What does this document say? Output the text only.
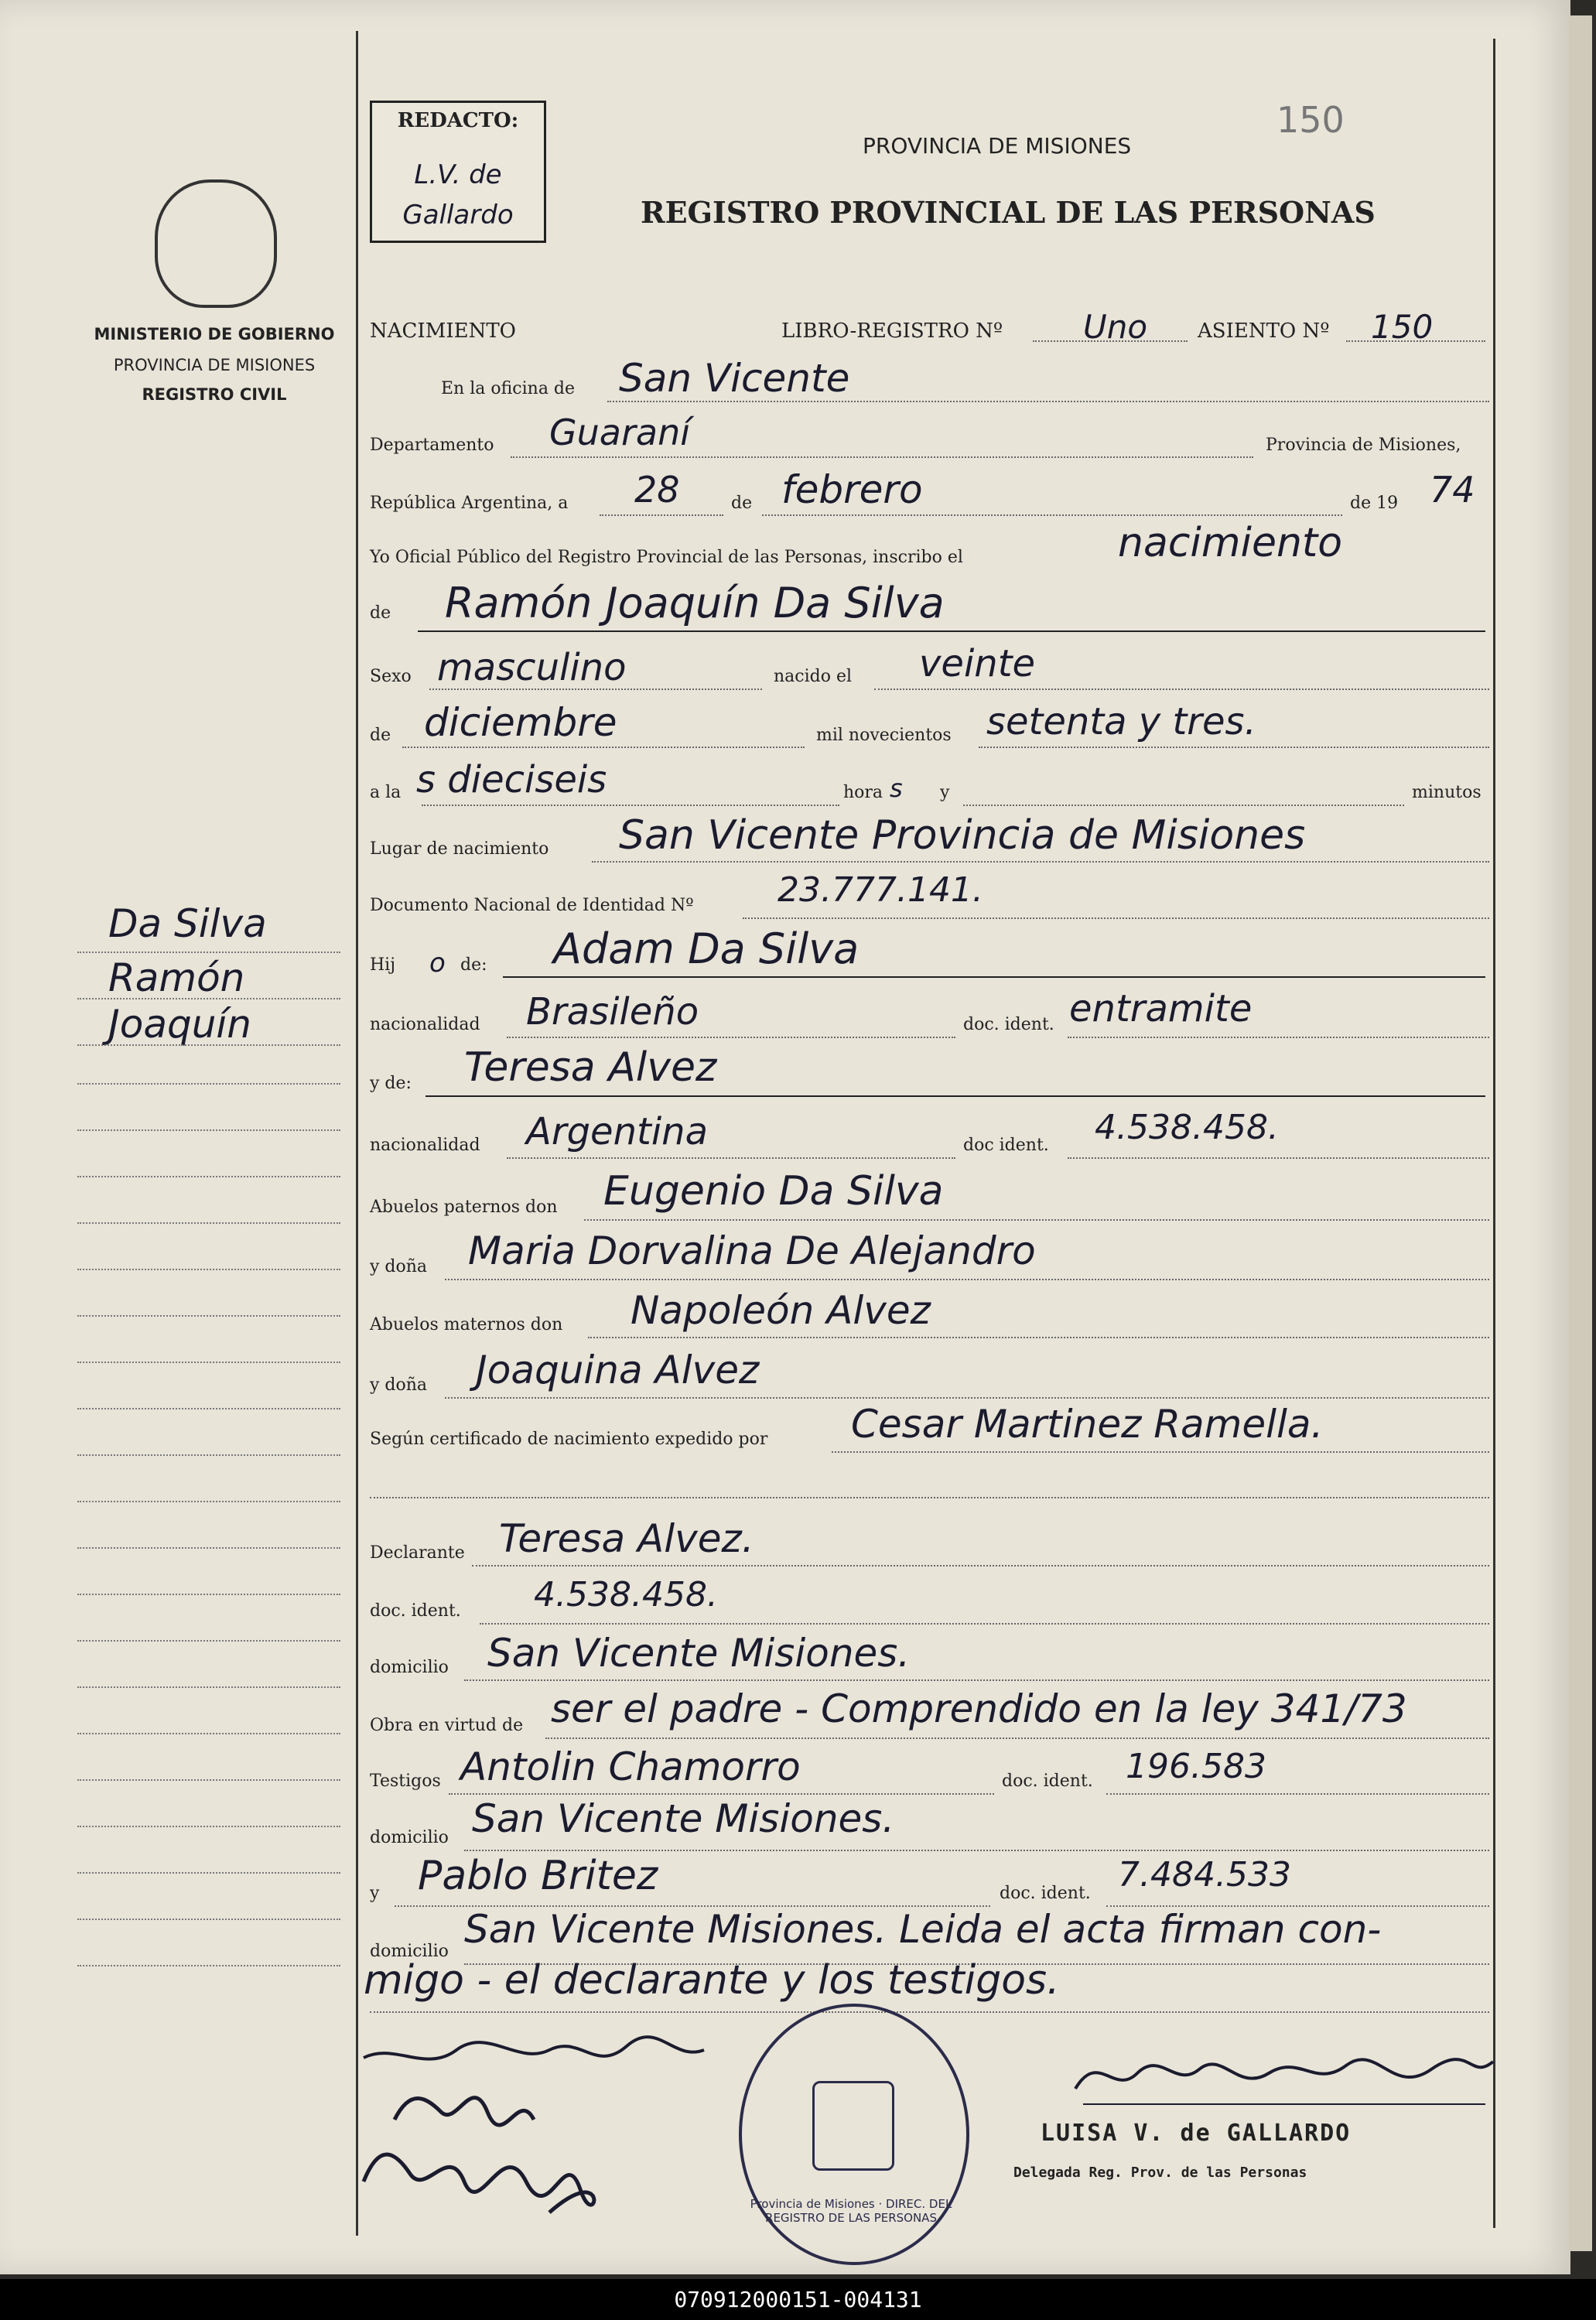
MINISTERIO DE GOBIERNO
PROVINCIA DE MISIONES
REGISTRO CIVIL
Da Silva
Ramón
Joaquín
REDACTO:
L.V. de Gallardo
150
PROVINCIA DE MISIONES
REGISTRO PROVINCIAL DE LAS PERSONAS
NACIMIENTO	LIBRO-REGISTRO Nº Uno ASIENTO Nº 150
En la oficina de San Vicente
Departamento Guaraní	Provincia de Misiones,
República Argentina, a 28	de febrero	de 19 74
Yo Oficial Público del Registro Provincial de las Personas, inscribo el	nacimiento
de Ramón Joaquín Da Silva
Sexo masculino	nacido el veinte
de diciembre	mil novecientos setenta y tres.
a la s dieciseis	hora s y	minutos
Lugar de nacimiento San Vicente Provincia de Misiones
Documento Nacional de Identidad Nº 23.777.141.
Hij o de: Adam Da Silva
nacionalidad Brasileño	doc. ident. entramite
y de: Teresa Alvez
nacionalidad Argentina	doc ident. 4.538.458.
Abuelos paternos don Eugenio Da Silva
y doña Maria Dorvalina De Alejandro
Abuelos maternos don Napoleón Alvez
y doña Joaquina Alvez
Según certificado de nacimiento expedido por Cesar Martinez Ramella.
Declarante Teresa Alvez.
doc. ident. 4.538.458.
domicilio San Vicente Misiones.
Obra en virtud de ser el padre - Comprendido en la ley 341/73
Testigos Antolin Chamorro	doc. ident. 196.583
domicilio San Vicente Misiones.
y Pablo Britez	doc. ident. 7.484.533
domicilio San Vicente Misiones. Leida el acta firman con-
migo - el declarante y los testigos.
Provincia de Misiones · DIREC. DEL REGISTRO DE LAS PERSONAS
LUISA V. de GALLARDO
Delegada Reg. Prov. de las Personas
070912000151-004131
